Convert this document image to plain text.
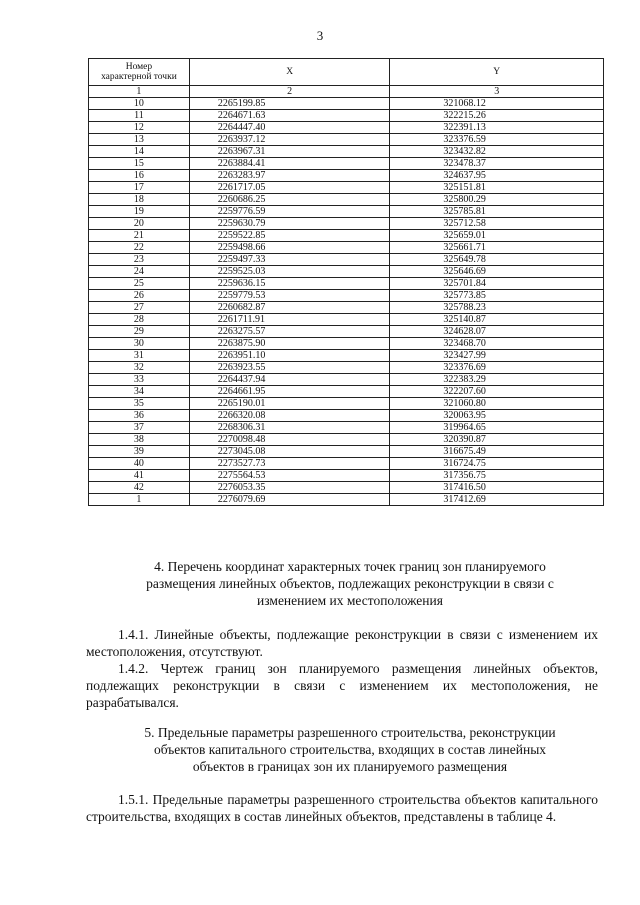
3
Номер
характерной точки	X	Y
1	2	3
10	2265199.85	321068.12
11	2264671.63	322215.26
12	2264447.40	322391.13
13	2263937.12	323376.59
14	2263967.31	323432.82
15	2263884.41	323478.37
16	2263283.97	324637.95
17	2261717.05	325151.81
18	2260686.25	325800.29
19	2259776.59	325785.81
20	2259630.79	325712.58
21	2259522.85	325659.01
22	2259498.66	325661.71
23	2259497.33	325649.78
24	2259525.03	325646.69
25	2259636.15	325701.84
26	2259779.53	325773.85
27	2260682.87	325788.23
28	2261711.91	325140.87
29	2263275.57	324628.07
30	2263875.90	323468.70
31	2263951.10	323427.99
32	2263923.55	323376.69
33	2264437.94	322383.29
34	2264661.95	322207.60
35	2265190.01	321060.80
36	2266320.08	320063.95
37	2268306.31	319964.65
38	2270098.48	320390.87
39	2273045.08	316675.49
40	2273527.73	316724.75
41	2275564.53	317356.75
42	2276053.35	317416.50
1	2276079.69	317412.69
4. Перечень координат характерных точек границ зон планируемого
размещения линейных объектов, подлежащих реконструкции в связи с
изменением их местоположения
1.4.1. Линейные объекты, подлежащие реконструкции в связи с изменением их местоположения, отсутствуют.
1.4.2. Чертеж границ зон планируемого размещения линейных объектов, подлежащих реконструкции в связи с изменением их местоположения, не разрабатывался.
5. Предельные параметры разрешенного строительства, реконструкции
объектов капитального строительства, входящих в состав линейных
объектов в границах зон их планируемого размещения
1.5.1. Предельные параметры разрешенного строительства объектов капитального строительства, входящих в состав линейных объектов, представлены в таблице 4.
